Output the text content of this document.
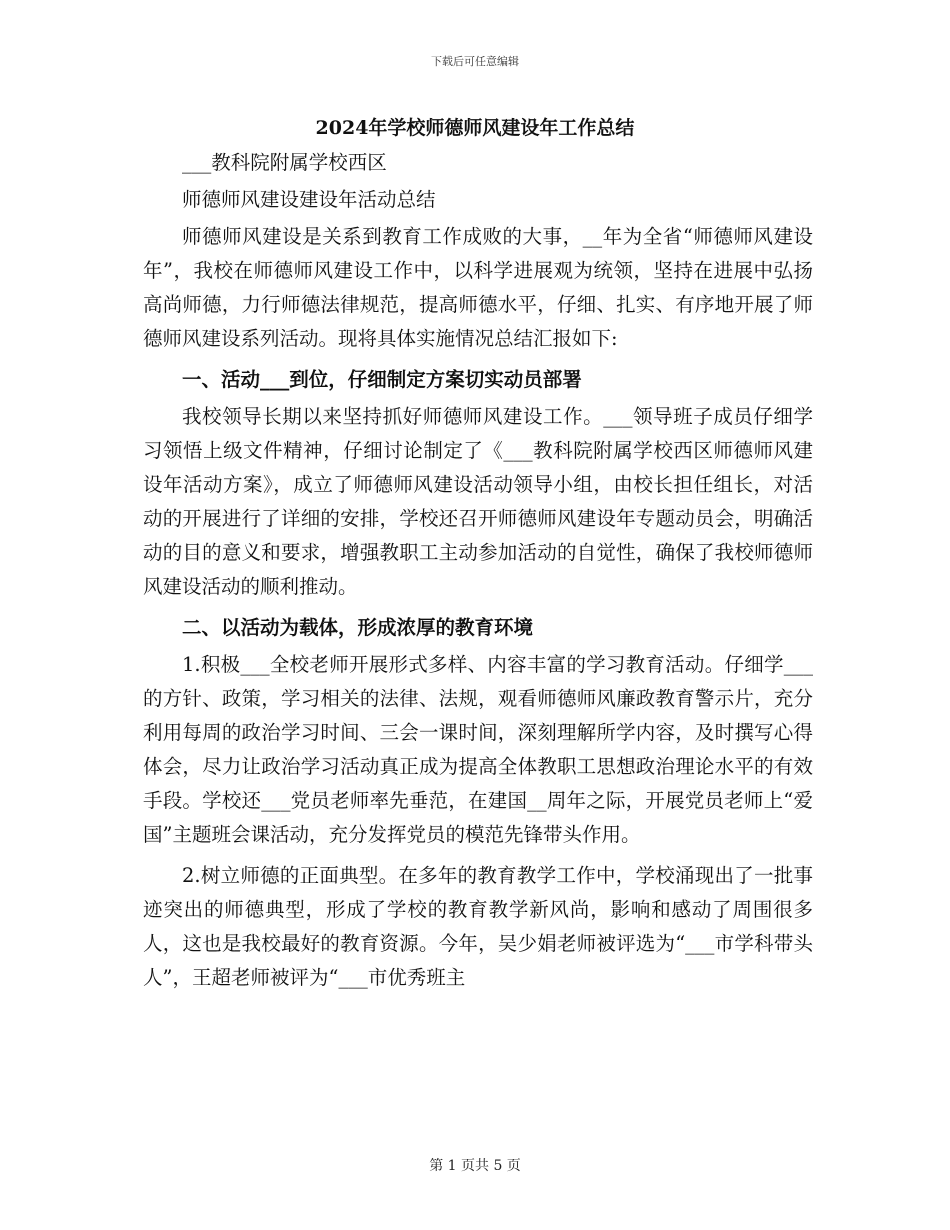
下载后可任意编辑
2024年学校师德师风建设年工作总结

___教科院附属学校西区

师德师风建设建设年活动总结

师德师风建设是关系到教育工作成败的大事，__年为全省“师德师风建设年”，我校在师德师风建设工作中，以科学进展观为统领，坚持在进展中弘扬高尚师德，力行师德法律规范，提高师德水平，仔细、扎实、有序地开展了师德师风建设系列活动。现将具体实施情况总结汇报如下:

一、活动___到位，仔细制定方案切实动员部署

我校领导长期以来坚持抓好师德师风建设工作。___领导班子成员仔细学习领悟上级文件精神，仔细讨论制定了《___教科院附属学校西区师德师风建设年活动方案》，成立了师德师风建设活动领导小组，由校长担任组长，对活动的开展进行了详细的安排，学校还召开师德师风建设年专题动员会，明确活动的目的意义和要求，增强教职工主动参加活动的自觉性，确保了我校师德师风建设活动的顺利推动。

二、以活动为载体，形成浓厚的教育环境

1.积极___全校老师开展形式多样、内容丰富的学习教育活动。仔细学___的方针、政策，学习相关的法律、法规，观看师德师风廉政教育警示片，充分利用每周的政治学习时间、三会一课时间，深刻理解所学内容，及时撰写心得体会，尽力让政治学习活动真正成为提高全体教职工思想政治理论水平的有效手段。学校还___党员老师率先垂范，在建国__周年之际，开展党员老师上“爱国”主题班会课活动，充分发挥党员的模范先锋带头作用。

2.树立师德的正面典型。在多年的教育教学工作中，学校涌现出了一批事迹突出的师德典型，形成了学校的教育教学新风尚，影响和感动了周围很多人，这也是我校最好的教育资源。今年，吴少娟老师被评选为“___市学科带头人”，王超老师被评为“___市优秀班主

第 1 页共 5 页
